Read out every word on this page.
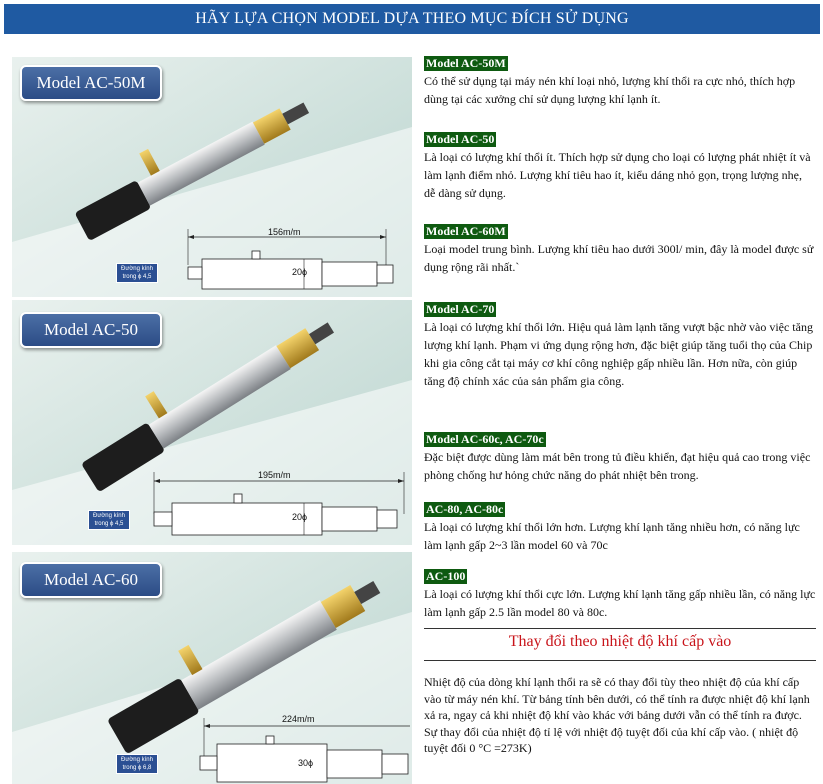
HÃY LỰA CHỌN MODEL DỰA THEO MỤC ĐÍCH SỬ DỤNG
Model AC-50M
156m/m
20ϕ
Đường kính
trong ϕ 4,5
Model AC-50
195m/m
20ϕ
Đường kính
trong ϕ 4,5
Model AC-60
224m/m
30ϕ
Đường kính
trong ϕ 6,8
Model AC-50M

Có thể sử dụng tại máy nén khí loại nhỏ, lượng khí thổi ra cực nhỏ, thích hợp dùng tại các xưởng chỉ sử dụng lượng khí lạnh ít.

Model AC-50

Là loại có lượng khí thổi ít. Thích hợp sử dụng cho loại có lượng phát nhiệt ít và làm lạnh điểm nhỏ. Lượng khí tiêu hao ít, kiểu dáng nhỏ gọn, trọng lượng nhẹ, dễ dàng sử dụng.

Model AC-60M

Loại model trung bình. Lượng khí tiêu hao dưới 300l/ min, đây là model được sử dụng rộng rãi nhất.`

Model AC-70

Là loại có lượng khí thổi lớn. Hiệu quả làm lạnh tăng vượt bậc nhờ vào việc tăng lượng khí lạnh. Phạm vi ứng dụng rộng hơn, đặc biệt giúp tăng tuổi thọ của Chip khi gia công cắt tại máy cơ khí công nghiệp gấp nhiều lần. Hơn nữa, còn giúp tăng độ chính xác của sản phẩm gia công.

Model AC-60c, AC-70c

Đặc biệt được dùng làm mát bên trong tủ điều khiển, đạt hiệu quả cao trong việc phòng chống hư hỏng chức năng do phát nhiệt bên trong.

AC-80, AC-80c

Là loại có lượng khí thổi lớn hơn. Lượng khí lạnh tăng nhiều hơn, có năng lực làm lạnh gấp 2~3 lần model 60 và 70c

AC-100

Là loại có lượng khí thổi cực lớn. Lượng khí lạnh tăng gấp nhiều lần, có năng lực làm lạnh gấp 2.5 lần model 80 và 80c.

Thay đổi theo nhiệt độ khí cấp vào

Nhiệt độ của dòng khí lạnh thổi ra sẽ có thay đổi tùy theo nhiệt độ của khí cấp vào từ máy nén khí. Từ bảng tính bên dưới, có thể tính ra được nhiệt độ khí lạnh xả ra, ngay cả khi nhiệt độ khí vào khác với bảng dưới vẫn có thể tính ra được. Sự thay đổi của nhiệt độ tỉ lệ với nhiệt độ tuyệt đối của khí cấp vào. ( nhiệt độ tuyệt đối 0 °C =273K)
